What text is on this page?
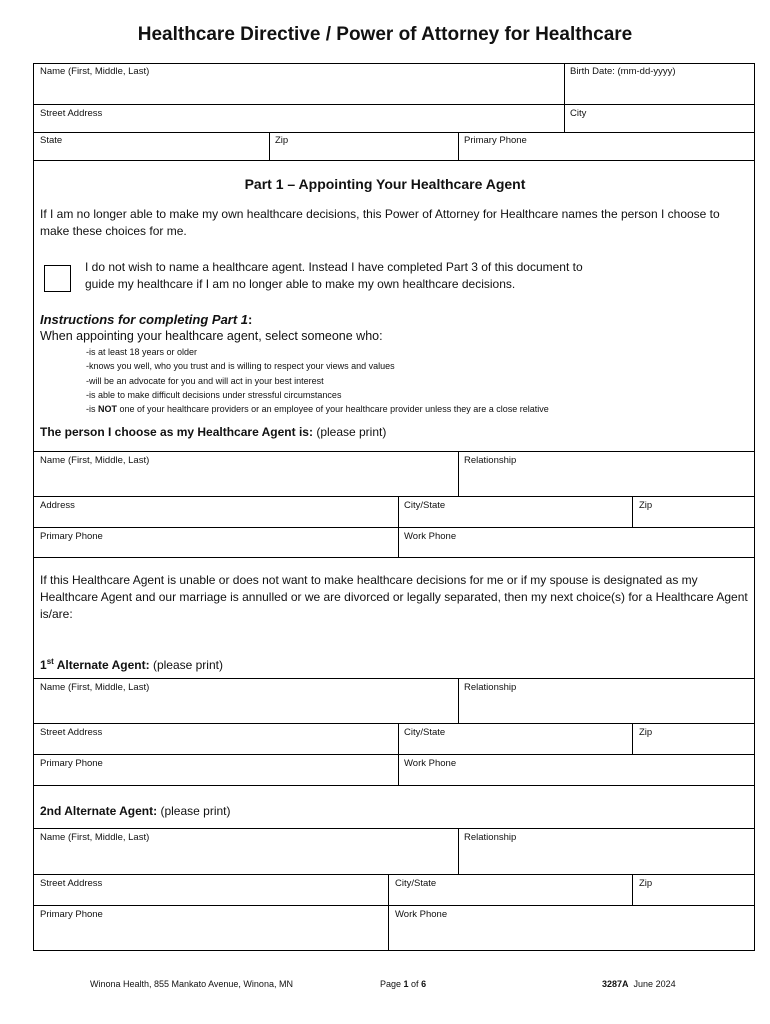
Healthcare Directive / Power of Attorney for Healthcare
Name (First, Middle, Last)	Birth Date: (mm-dd-yyyy)
Street Address	City
State	Zip	Primary Phone
Part 1 – Appointing Your Healthcare Agent
If I am no longer able to make my own healthcare decisions, this Power of Attorney for Healthcare names the person I choose to make these choices for me.
I do not wish to name a healthcare agent. Instead I have completed Part 3 of this document to
guide my healthcare if I am no longer able to make my own healthcare decisions.
Instructions for completing Part 1:
When appointing your healthcare agent, select someone who:
-is at least 18 years or older
-knows you well, who you trust and is willing to respect your views and values
-will be an advocate for you and will act in your best interest
-is able to make difficult decisions under stressful circumstances
-is NOT one of your healthcare providers or an employee of your healthcare provider unless they are a close relative
The person I choose as my Healthcare Agent is: (please print)
Name (First, Middle, Last)	Relationship
Address	City/State	Zip
Primary Phone	Work Phone
If this Healthcare Agent is unable or does not want to make healthcare decisions for me or if my spouse is designated as my Healthcare Agent and our marriage is annulled or we are divorced or legally separated, then my next choice(s) for a Healthcare Agent is/are:
1st Alternate Agent: (please print)
Name (First, Middle, Last)	Relationship
Street Address	City/State	Zip
Primary Phone	Work Phone
2nd Alternate Agent: (please print)
Name (First, Middle, Last)	Relationship
Street Address	City/State	Zip
Primary Phone	Work Phone
Winona Health, 855 Mankato Avenue, Winona, MN	Page 1 of 6	3287A June 2024
